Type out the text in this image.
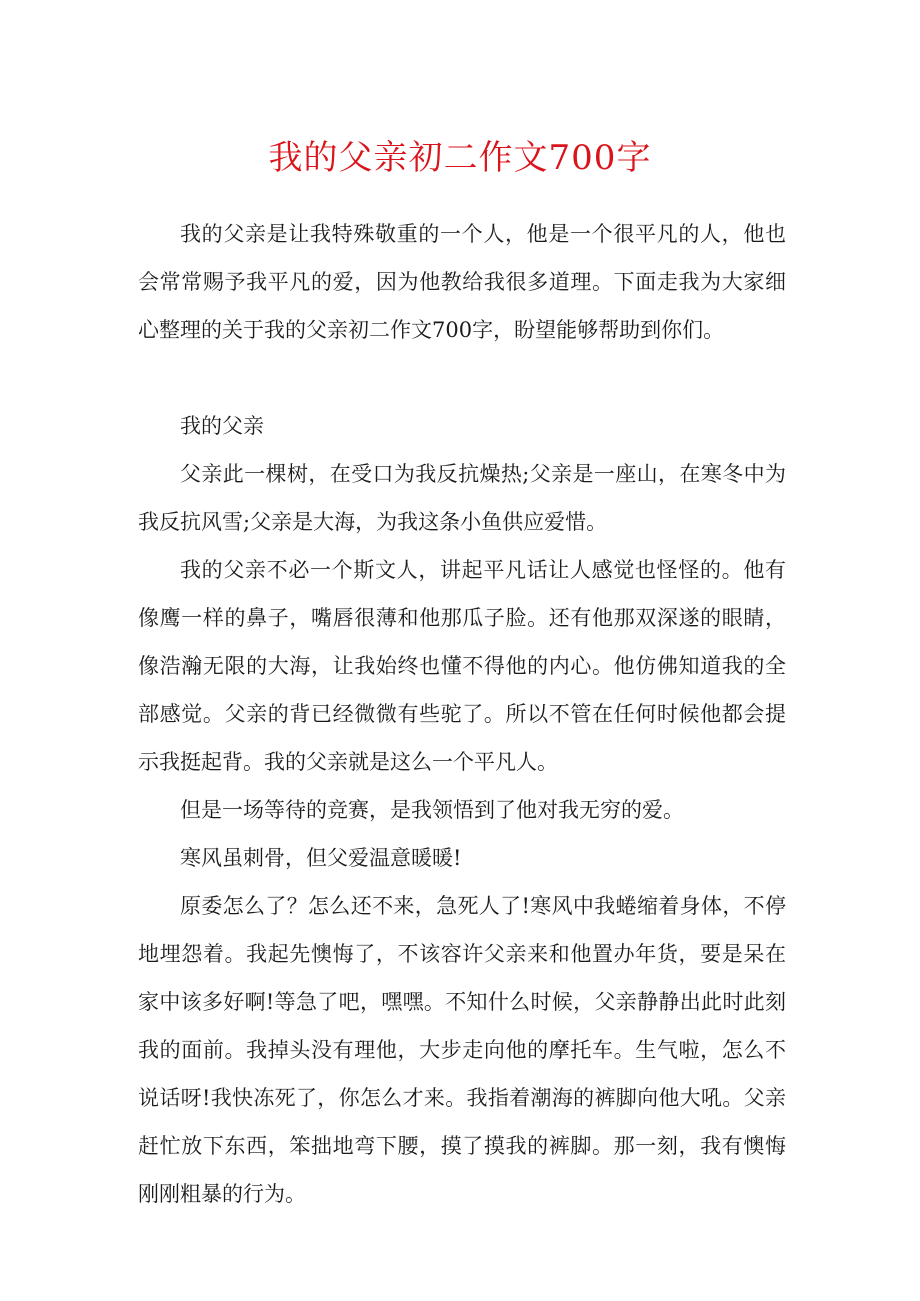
我的父亲初二作文700字

我的父亲是让我特殊敬重的一个人，他是一个很平凡的人，他也会常常赐予我平凡的爱，因为他教给我很多道理。下面走我为大家细心整理的关于我的父亲初二作文700字，盼望能够帮助到你们。

我的父亲

父亲此一棵树，在受口为我反抗燥热;父亲是一座山，在寒冬中为我反抗风雪;父亲是大海，为我这条小鱼供应爱惜。

我的父亲不必一个斯文人，讲起平凡话让人感觉也怪怪的。他有像鹰一样的鼻子，嘴唇很薄和他那瓜子脸。还有他那双深遂的眼睛，像浩瀚无限的大海，让我始终也懂不得他的内心。他仿佛知道我的全部感觉。父亲的背已经微微有些驼了。所以不管在任何时候他都会提示我挺起背。我的父亲就是这么一个平凡人。

但是一场等待的竞赛，是我领悟到了他对我无穷的爱。

寒风虽刺骨，但父爱温意暖暖!

原委怎么了？怎么还不来，急死人了!寒风中我蜷缩着身体，不停地埋怨着。我起先懊悔了，不该容许父亲来和他置办年货，要是呆在家中该多好啊!等急了吧，嘿嘿。不知什么时候，父亲静静出此时此刻我的面前。我掉头没有理他，大步走向他的摩托车。生气啦，怎么不说话呀!我快冻死了，你怎么才来。我指着潮海的裤脚向他大吼。父亲赶忙放下东西，笨拙地弯下腰，摸了摸我的裤脚。那一刻，我有懊悔刚刚粗暴的行为。
